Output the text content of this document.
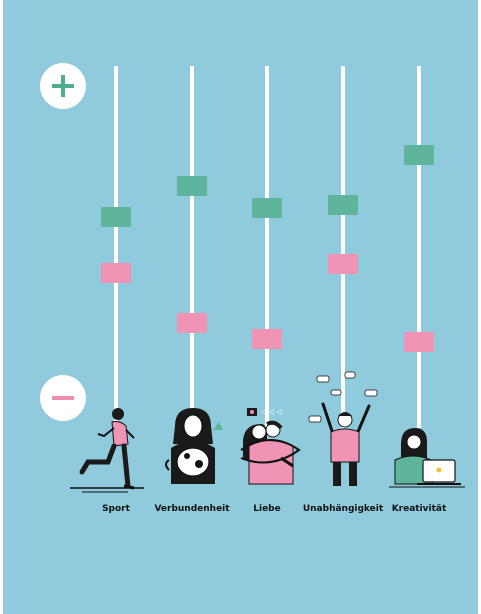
◁ ◁ ◁
Sport	Verbundenheit	Liebe Unabhängigkeit Kreativität
